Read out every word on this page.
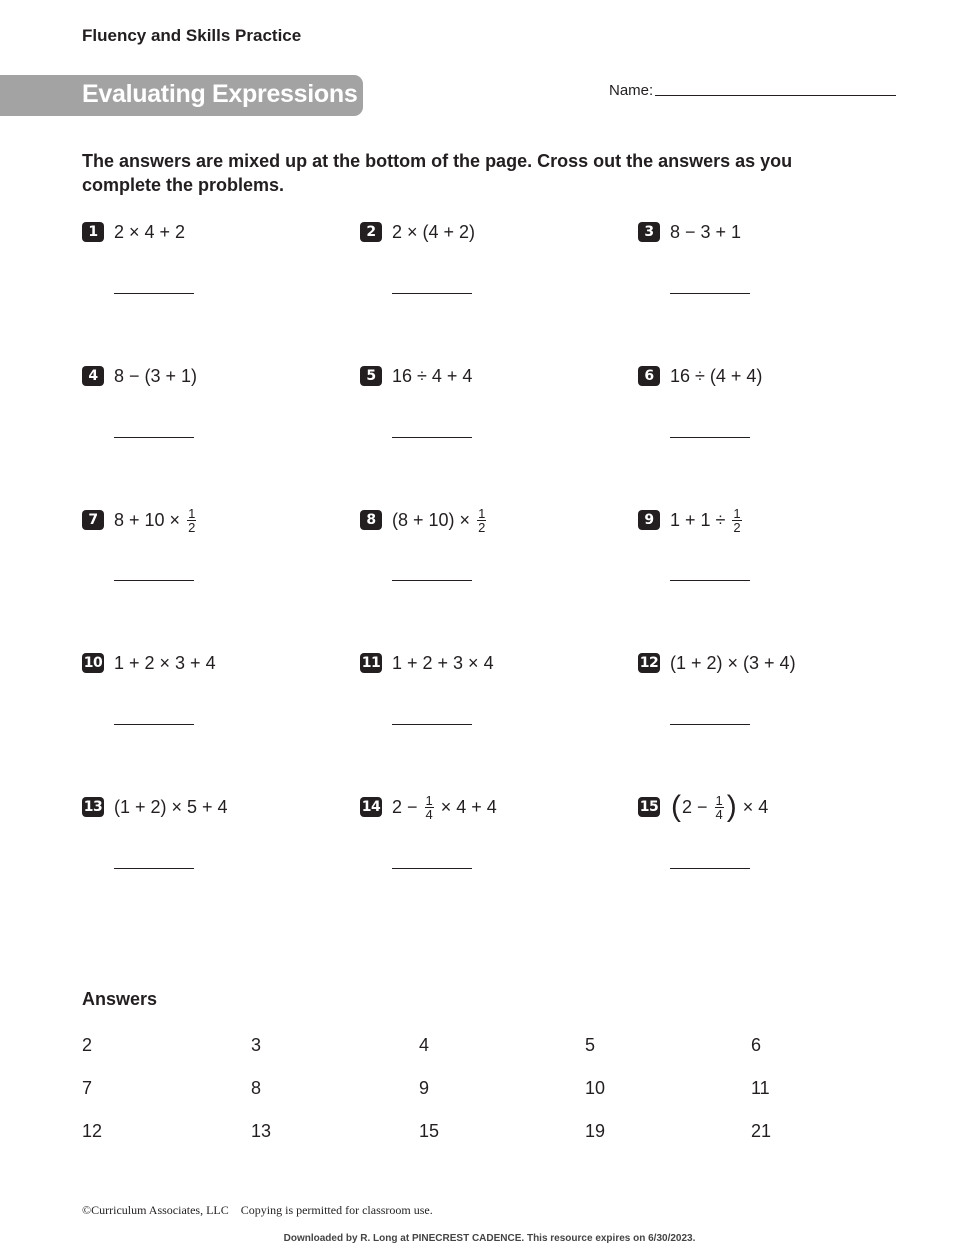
Fluency and Skills Practice
Evaluating Expressions	Name:
The answers are mixed up at the bottom of the page. Cross out the answers as you complete the problems.
1 2 × 4 + 2	2 2 × (4 + 2)	3 8 − 3 + 1
4 8 − (3 + 1)	5 16 ÷ 4 + 4	6 16 ÷ (4 + 4)
7 $8 + 10 \times \frac{1}{2}$	8 $(8 + 10) \times \frac{1}{2}$	9 $1 + 1 \div \frac{1}{2}$
10 1 + 2 × 3 + 4	11 1 + 2 + 3 × 4	12 (1 + 2) × (3 + 4)
13 (1 + 2) × 5 + 4	14 $2 - \frac{1}{4} \times 4 + 4$	15 ( $2 - \frac{1}{4}$ ) × 4
Answers
2	3	4	5	6
7	8	9	10	11
12	13	15	19	21
©Curriculum Associates, LLC    Copying is permitted for classroom use.
Downloaded by R. Long at PINECREST CADENCE. This resource expires on 6/30/2023.
